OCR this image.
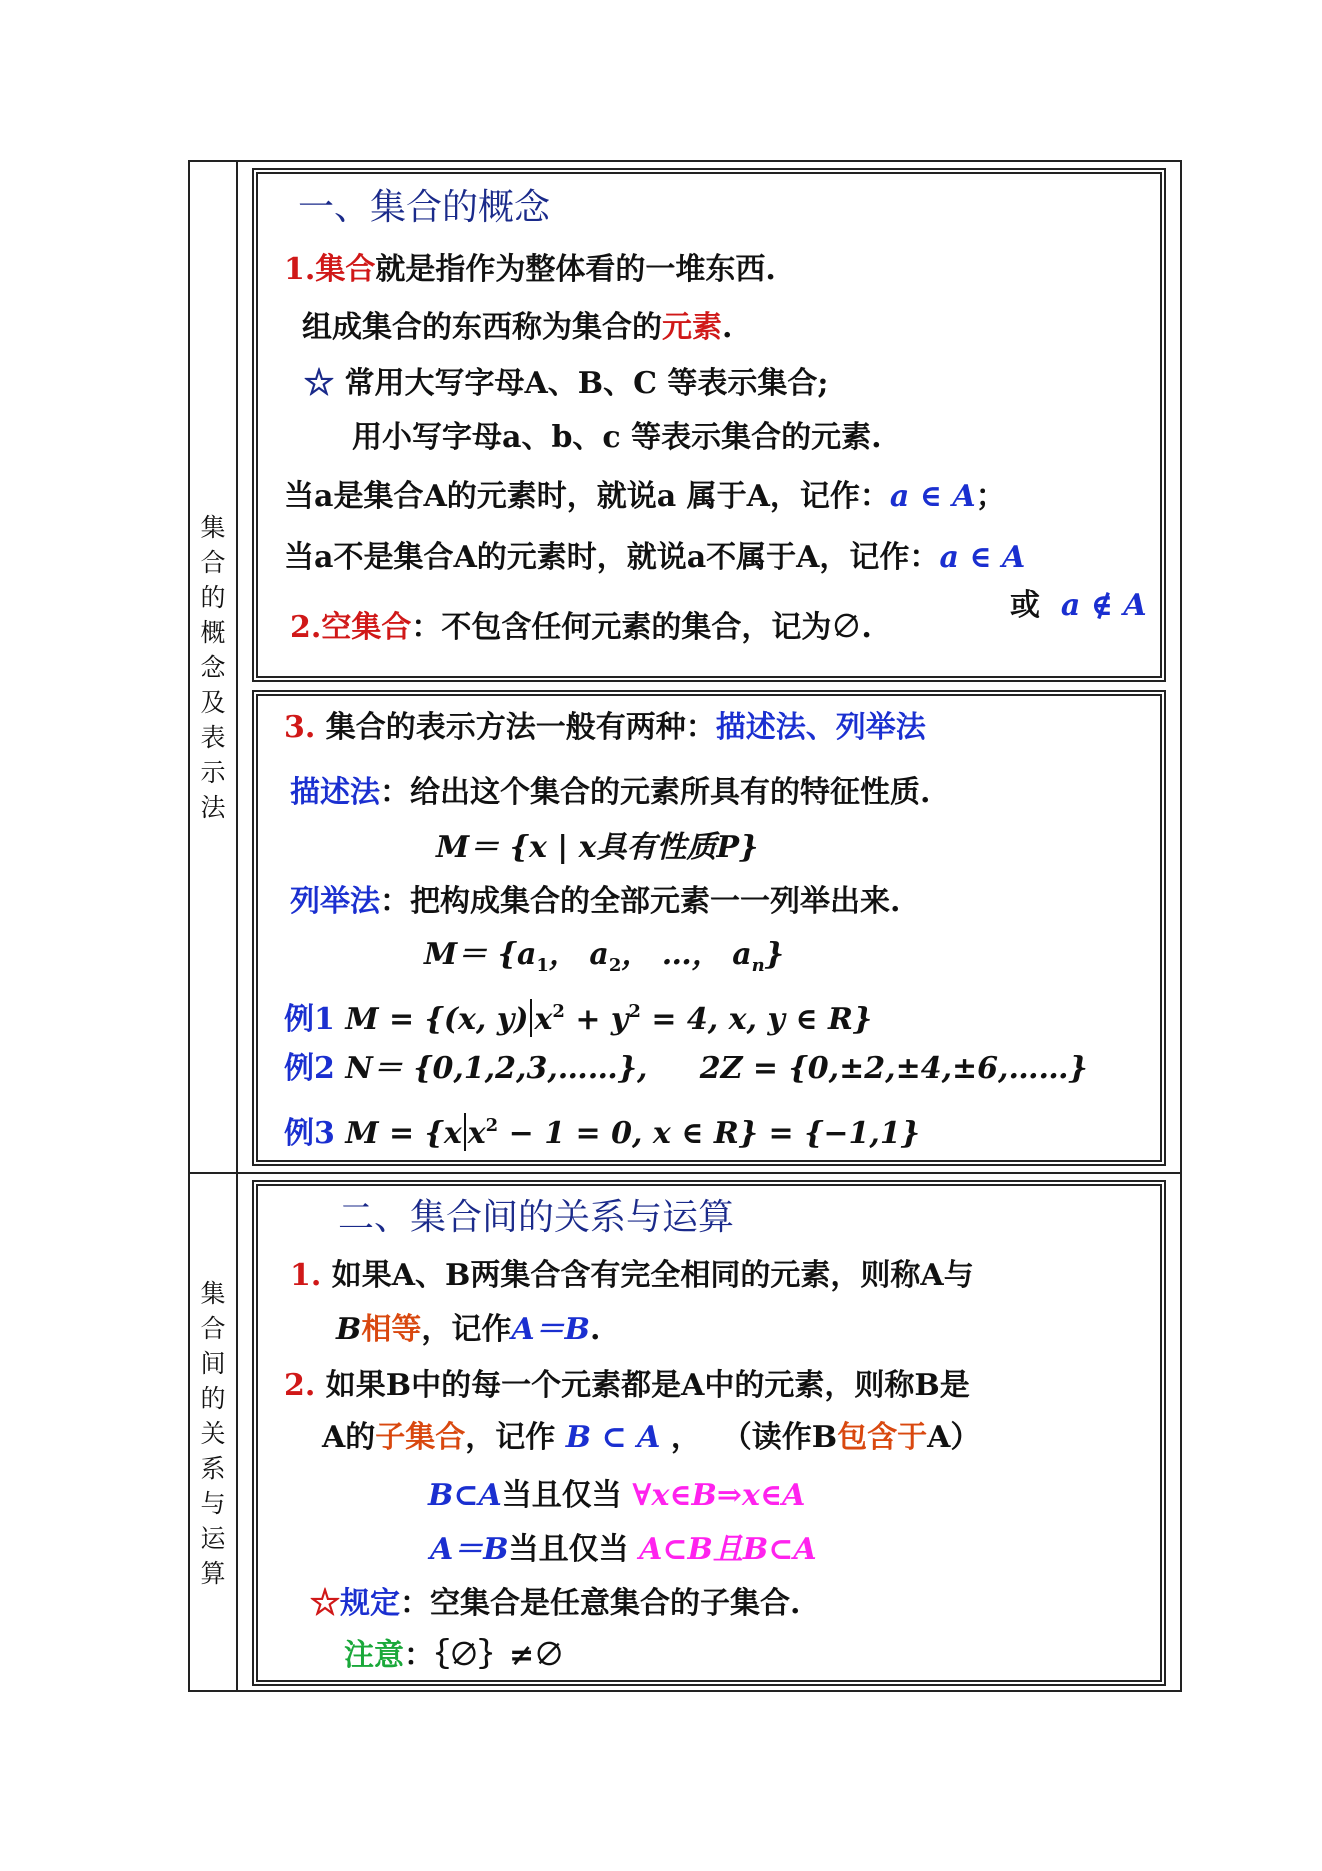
集
合
的
概
念
及
表
示
法
集
合
间
的
关
系
与
运
算
一、集合的概念
1.集合就是指作为整体看的一堆东西.
组成集合的东西称为集合的元素.
☆ 常用大写字母A、B、C 等表示集合;
用小写字母a、b、c 等表示集合的元素.
当a是集合A的元素时，就说a 属于A，记作：a ∈ A；
当a不是集合A的元素时，就说a不属于A，记作：a ∈ A
或 a ∉ A
2.空集合：不包含任何元素的集合，记为∅.
3. 集合的表示方法一般有两种：描述法、列举法
描述法：给出这个集合的元素所具有的特征性质.
M＝ {x | x具有性质P}
列举法：把构成集合的全部元素一一列举出来.
$M= \{a_1$， $a_2$， …， $a_n$}
例1 M = {(x, y) $x^2 + y^2 = 4$, x, y ∈ R}
例2 N＝ {0,1,2,3,……},     2Z = {0,±2,±4,±6,……}
例3 M = {x $x^2 - 1 = 0$, x ∈ R} = {−1,1}
二、集合间的关系与运算
1. 如果A、B两集合含有完全相同的元素，则称A与
B相等，记作A＝B.
2. 如果B中的每一个元素都是A中的元素，则称B是
A的子集合，记作 B ⊂ A ， （读作B包含于A）
B⊂A当且仅当 ∀x∈B⇒x∈A
A＝B当且仅当 A⊂B且B⊂A
☆规定：空集合是任意集合的子集合.
注意：｛∅｝≠∅
